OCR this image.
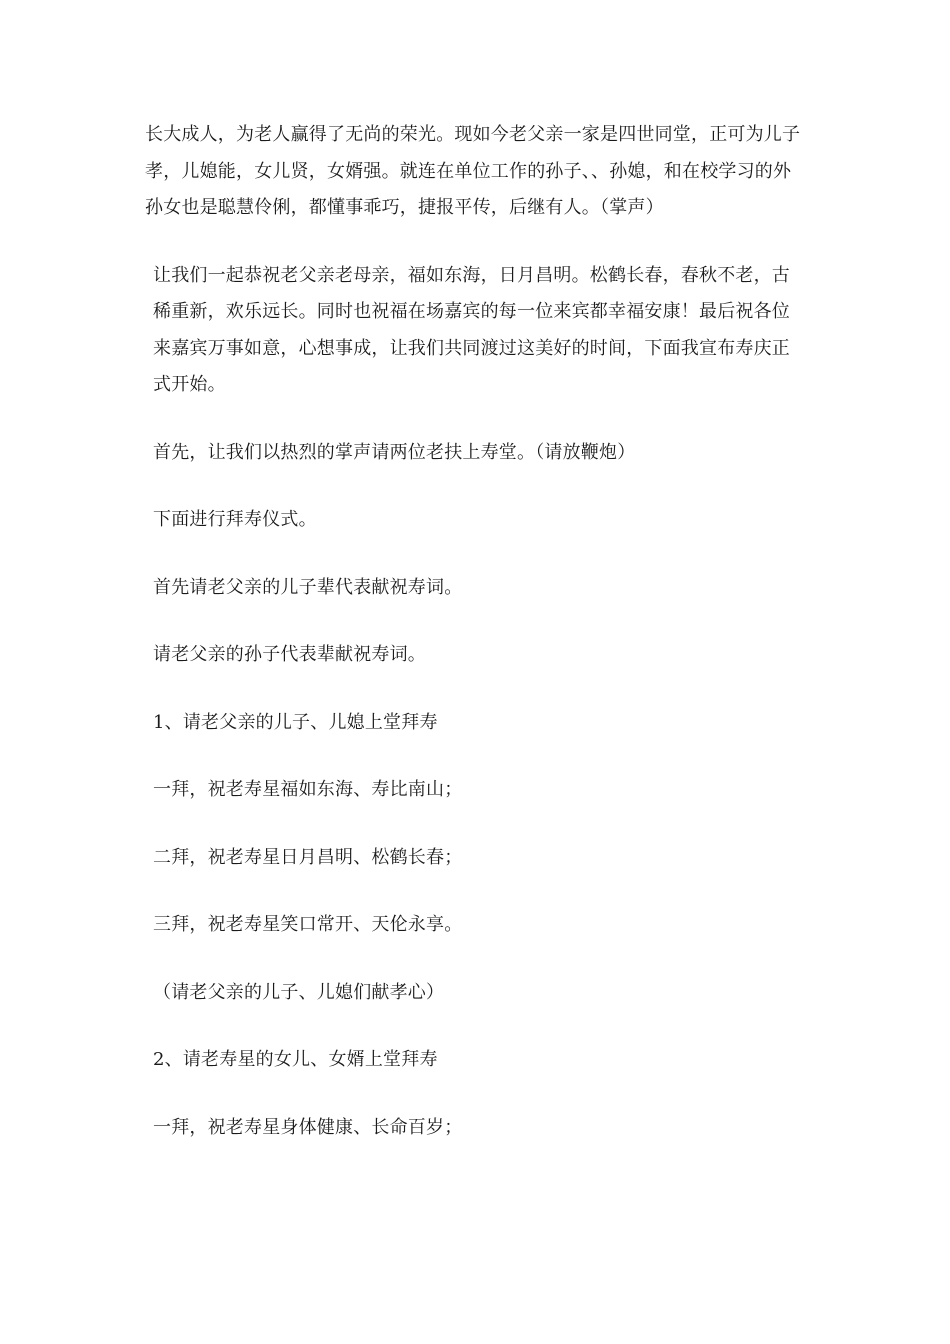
长大成人，为老人赢得了无尚的荣光。现如今老父亲一家是四世同堂，正可为儿子孝，儿媳能，女儿贤，女婿强。就连在单位工作的孙子、、孙媳，和在校学习的外孙女也是聪慧伶俐，都懂事乖巧，捷报平传，后继有人。（掌声）

让我们一起恭祝老父亲老母亲，福如东海，日月昌明。松鹤长春，春秋不老，古稀重新，欢乐远长。同时也祝福在场嘉宾的每一位来宾都幸福安康！最后祝各位来嘉宾万事如意，心想事成，让我们共同渡过这美好的时间，下面我宣布寿庆正式开始。

首先，让我们以热烈的掌声请两位老扶上寿堂。（请放鞭炮）

下面进行拜寿仪式。

首先请老父亲的儿子辈代表献祝寿词。

请老父亲的孙子代表辈献祝寿词。

1、请老父亲的儿子、儿媳上堂拜寿

一拜，祝老寿星福如东海、寿比南山；

二拜，祝老寿星日月昌明、松鹤长春；

三拜，祝老寿星笑口常开、天伦永享。

（请老父亲的儿子、儿媳们献孝心）

2、请老寿星的女儿、女婿上堂拜寿

一拜，祝老寿星身体健康、长命百岁；
